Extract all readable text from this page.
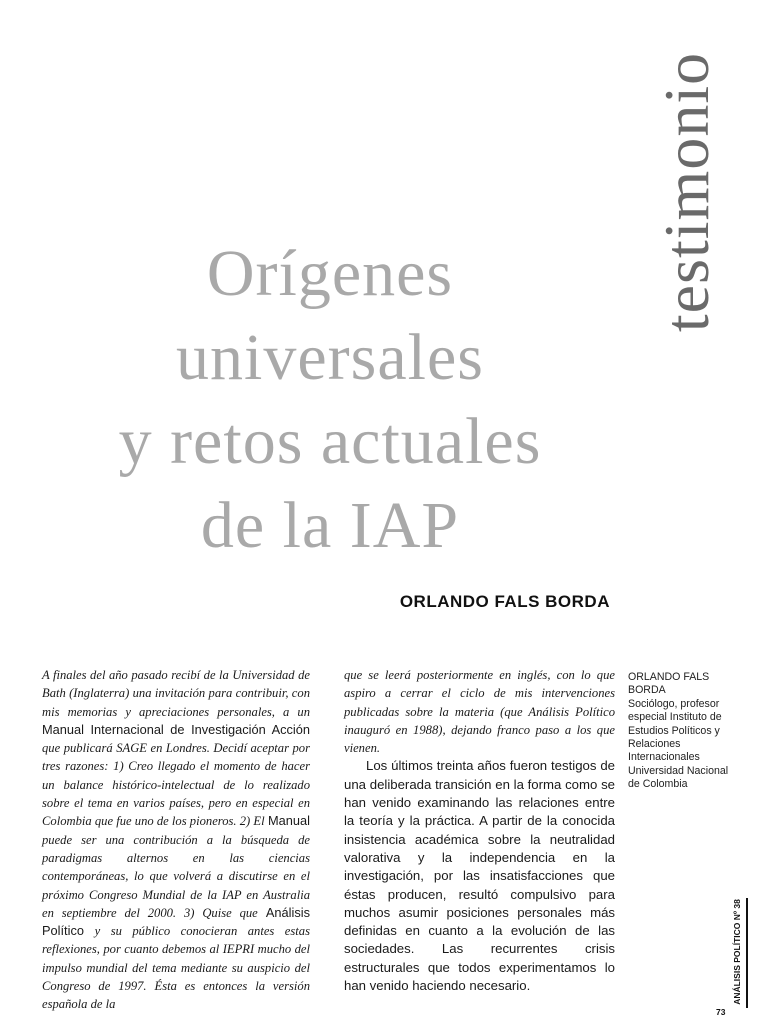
testimonio
Orígenes
universales
y retos actuales
de la IAP
ORLANDO FALS BORDA

A finales del año pasado recibí de la Universidad de Bath (Inglaterra) una invitación para contribuir, con mis memorias y apreciaciones personales, a un Manual Internacional de Investigación Acción que publicará SAGE en Londres. Decidí aceptar por tres razones: 1) Creo llegado el momento de hacer un balance histórico-intelectual de lo realizado sobre el tema en varios países, pero en especial en Colombia que fue uno de los pioneros. 2) El Manual puede ser una contribución a la búsqueda de paradigmas alternos en las ciencias contemporáneas, lo que volverá a discutirse en el próximo Congreso Mundial de la IAP en Australia en septiembre del 2000. 3) Quise que Análisis Político y su público conocieran antes estas reflexiones, por cuanto debemos al IEPRI mucho del impulso mundial del tema mediante su auspicio del Congreso de 1997. Ésta es entonces la versión española de la

que se leerá posteriormente en inglés, con lo que aspiro a cerrar el ciclo de mis intervenciones publicadas sobre la materia (que Análisis Político inauguró en 1988), dejando franco paso a los que vienen.

Los últimos treinta años fueron testigos de una deliberada transición en la forma como se han venido examinando las relaciones entre la teoría y la práctica. A partir de la conocida insistencia académica sobre la neutralidad valorativa y la independencia en la investigación, por las insatisfacciones que éstas producen, resultó compulsivo para muchos asumir posiciones personales más definidas en cuanto a la evolución de las sociedades. Las recurrentes crisis estructurales que todos experimentamos lo han venido haciendo necesario.

ORLANDO FALS BORDA
Sociólogo, profesor especial Instituto de Estudios Políticos y Relaciones Internacionales Universidad Nacional de Colombia
ANÁLISIS POLÍTICO Nº 38
73
